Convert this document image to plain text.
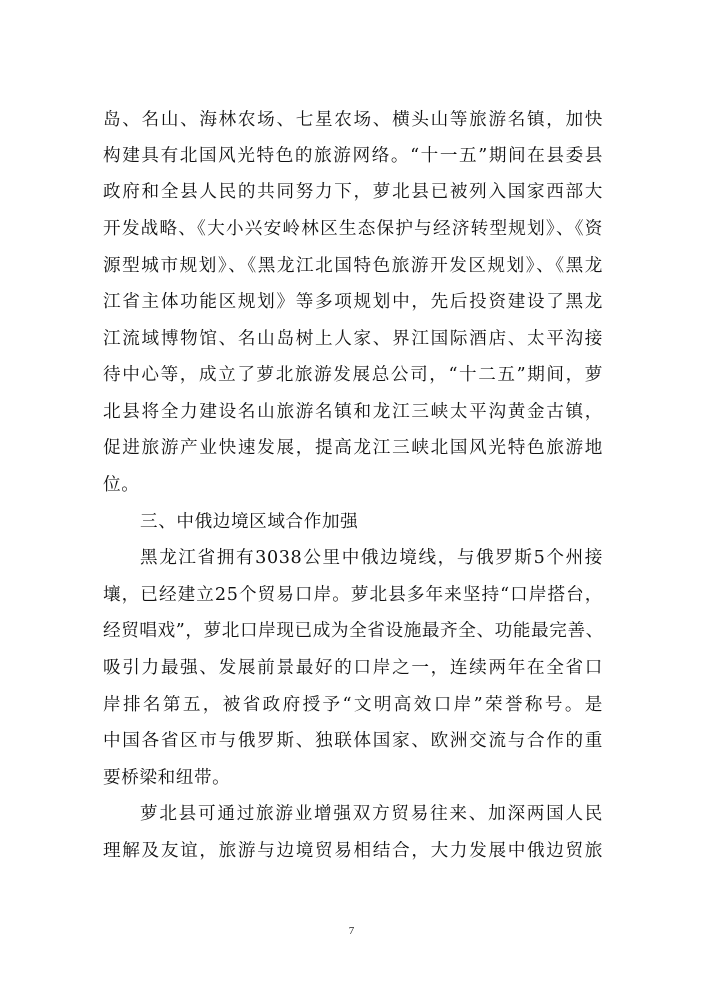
岛、名山、海林农场、七星农场、横头山等旅游名镇，加快
构建具有北国风光特色的旅游网络。“十一五”期间在县委县
政府和全县人民的共同努力下，萝北县已被列入国家西部大
开发战略、《大小兴安岭林区生态保护与经济转型规划》、《资
源型城市规划》、《黑龙江北国特色旅游开发区规划》、《黑龙
江省主体功能区规划》等多项规划中，先后投资建设了黑龙
江流域博物馆、名山岛树上人家、界江国际酒店、太平沟接
待中心等，成立了萝北旅游发展总公司，“十二五”期间，萝
北县将全力建设名山旅游名镇和龙江三峡太平沟黄金古镇，
促进旅游产业快速发展，提高龙江三峡北国风光特色旅游地
位。
三、中俄边境区域合作加强
黑龙江省拥有3038公里中俄边境线，与俄罗斯5个州接
壤，已经建立25个贸易口岸。萝北县多年来坚持“口岸搭台，
经贸唱戏”，萝北口岸现已成为全省设施最齐全、功能最完善、
吸引力最强、发展前景最好的口岸之一，连续两年在全省口
岸排名第五，被省政府授予“文明高效口岸”荣誉称号。是
中国各省区市与俄罗斯、独联体国家、欧洲交流与合作的重
要桥梁和纽带。
萝北县可通过旅游业增强双方贸易往来、加深两国人民
理解及友谊，旅游与边境贸易相结合，大力发展中俄边贸旅
7
